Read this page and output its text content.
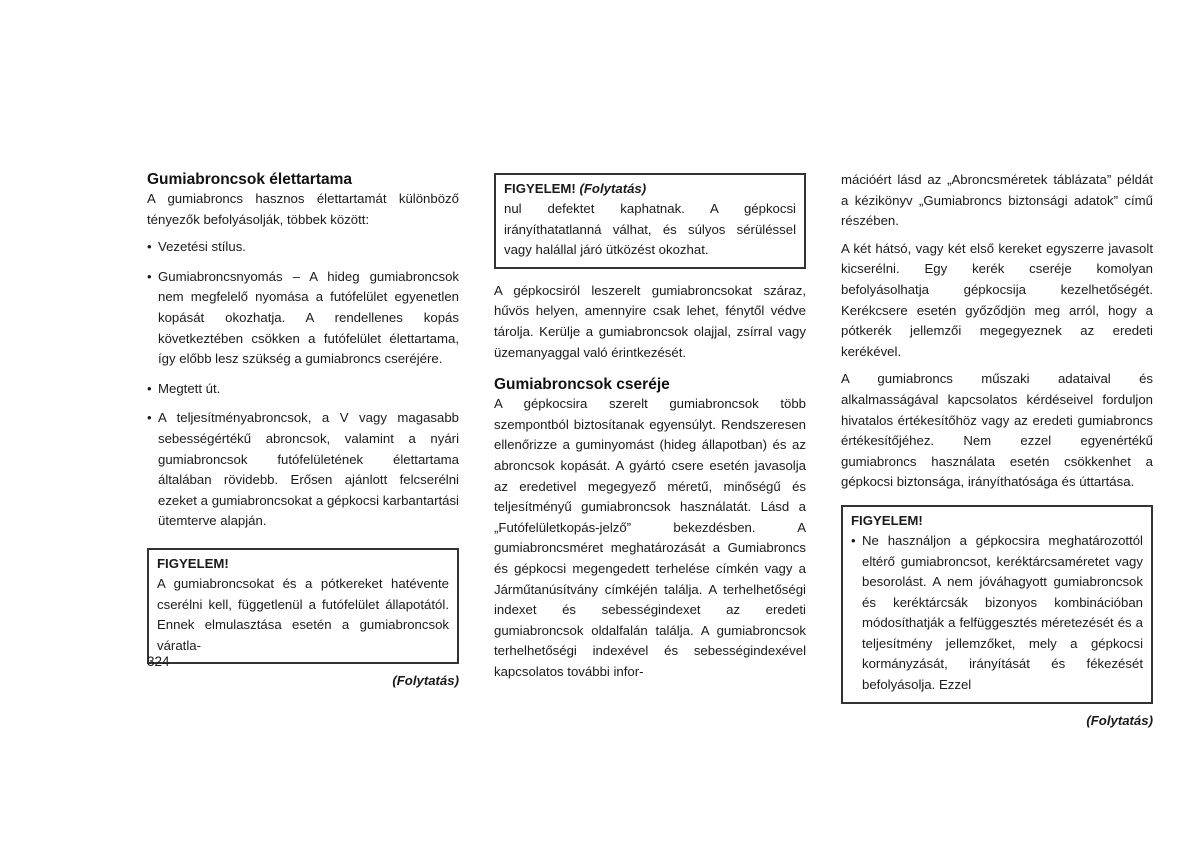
Gumiabroncsok élettartama

A gumiabroncs hasznos élettartamát különböző tényezők befolyásolják, többek között:

• Vezetési stílus.
• Gumiabroncsnyomás – A hideg gumiabroncsok nem megfelelő nyomása a futófelület egyenetlen kopását okozhatja. A rendellenes kopás következtében csökken a futófelület élettartama, így előbb lesz szükség a gumiabroncs cseréjére.
• Megtett út.
• A teljesítményabroncsok, a V vagy magasabb sebességértékű abroncsok, valamint a nyári gumiabroncsok futófelületének élettartama általában rövidebb. Erősen ajánlott felcserélni ezeket a gumiabroncsokat a gépkocsi karbantartási ütemterve alapján.
FIGYELEM!

A gumiabroncsokat és a pótkereket hatévente cserélni kell, függetlenül a futófelület állapotától. Ennek elmulasztása esetén a gumiabroncsok váratla-

(Folytatás)
FIGYELEM! (Folytatás)

nul defektet kaphatnak. A gépkocsi irányíthatatlanná válhat, és súlyos sérüléssel vagy halállal járó ütközést okozhat.

A gépkocsiról leszerelt gumiabroncsokat száraz, hűvös helyen, amennyire csak lehet, fénytől védve tárolja. Kerülje a gumiabroncsok olajjal, zsírral vagy üzemanyaggal való érintkezését.

Gumiabroncsok cseréje

A gépkocsira szerelt gumiabroncsok több szempontból biztosítanak egyensúlyt. Rendszeresen ellenőrizze a guminyomást (hideg állapotban) és az abroncsok kopását. A gyártó csere esetén javasolja az eredetivel megegyező méretű, minőségű és teljesítményű gumiabroncsok használatát. Lásd a „Futófelületkopás-jelző” bekezdésben. A gumiabroncsméret meghatározását a Gumiabroncs és gépkocsi megengedett terhelése címkén vagy a Járműtanúsítvány címkéjén találja. A terhelhetőségi indexet és sebességindexet az eredeti gumiabroncsok oldalfalán találja. A gumiabroncsok terhelhetőségi indexével és sebességindexével kapcsolatos további infor-

mációért lásd az „Abroncsméretek táblázata” példát a kézikönyv „Gumiabroncs biztonsági adatok” című részében.

A két hátsó, vagy két első kereket egyszerre javasolt kicserélni. Egy kerék cseréje komolyan befolyásolhatja gépkocsija kezelhetőségét. Kerékcsere esetén győződjön meg arról, hogy a pótkerék jellemzői megegyeznek az eredeti kerékével.

A gumiabroncs műszaki adataival és alkalmasságával kapcsolatos kérdéseivel forduljon hivatalos értékesítőhöz vagy az eredeti gumiabroncs értékesítőjéhez. Nem ezzel egyenértékű gumiabroncs használata esetén csökkenhet a gépkocsi biztonsága, irányíthatósága és úttartása.

FIGYELEM!
• Ne használjon a gépkocsira meghatározottól eltérő gumiabroncsot, keréktárcsaméretet vagy besorolást. A nem jóváhagyott gumiabroncsok és keréktárcsák bizonyos kombinációban módosíthatják a felfüggesztés méretezését és a teljesítmény jellemzőket, mely a gépkocsi kormányzását, irányítását és fékezését befolyásolja. Ezzel
(Folytatás)
324
